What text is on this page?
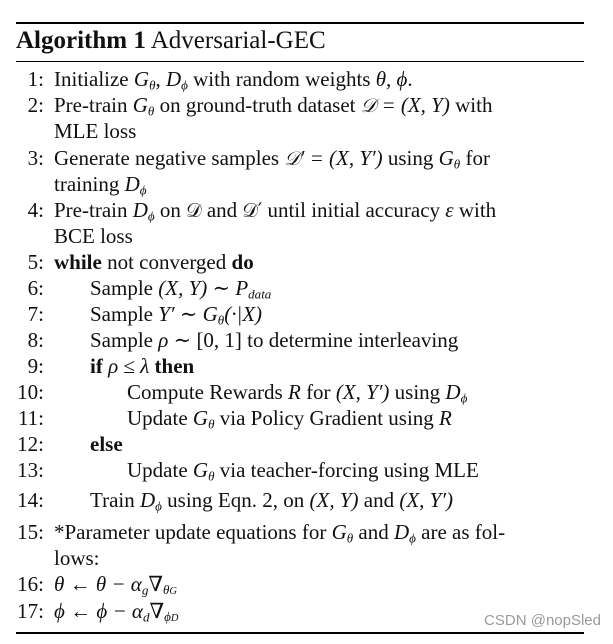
Algorithm 1 Adversarial-GEC
1: Initialize $G_\theta$, $D_\phi$ with random weights θ, ϕ.
2: Pre-train $G_\theta$ on ground-truth dataset 𝒟 = (X, Y) with
MLE loss
3: Generate negative samples 𝒟′ = (X, Y′) using $G_\theta$ for
training $D_\phi$
4: Pre-train $D_\phi$ on 𝒟 and 𝒟′ until initial accuracy ε with
BCE loss
5: while not converged do
6: Sample (X, Y) ∼ $P_{data}$
7: Sample Y′ ∼ $G_\theta(\cdot|X)$
8: Sample ρ ∼ [0, 1] to determine interleaving
9: if ρ ≤ λ then
10:	Compute Rewards R for (X, Y′) using $D_\phi$
11:	Update $G_\theta$ via Policy Gradient using R
12: else
13:	Update $G_\theta$ via teacher-forcing using MLE
14: Train $D_\phi$ using Eqn. 2, on (X, Y) and (X, Y′)
15: *Parameter update equations for $G_\theta$ and $D_\phi$ are as fol-
lows:
16: θ ← $\theta - \alpha_g\nabla_{\theta G}$
17: ϕ ← $\phi - \alpha_d\nabla_{\phi D}$	CSDN @nopSled
